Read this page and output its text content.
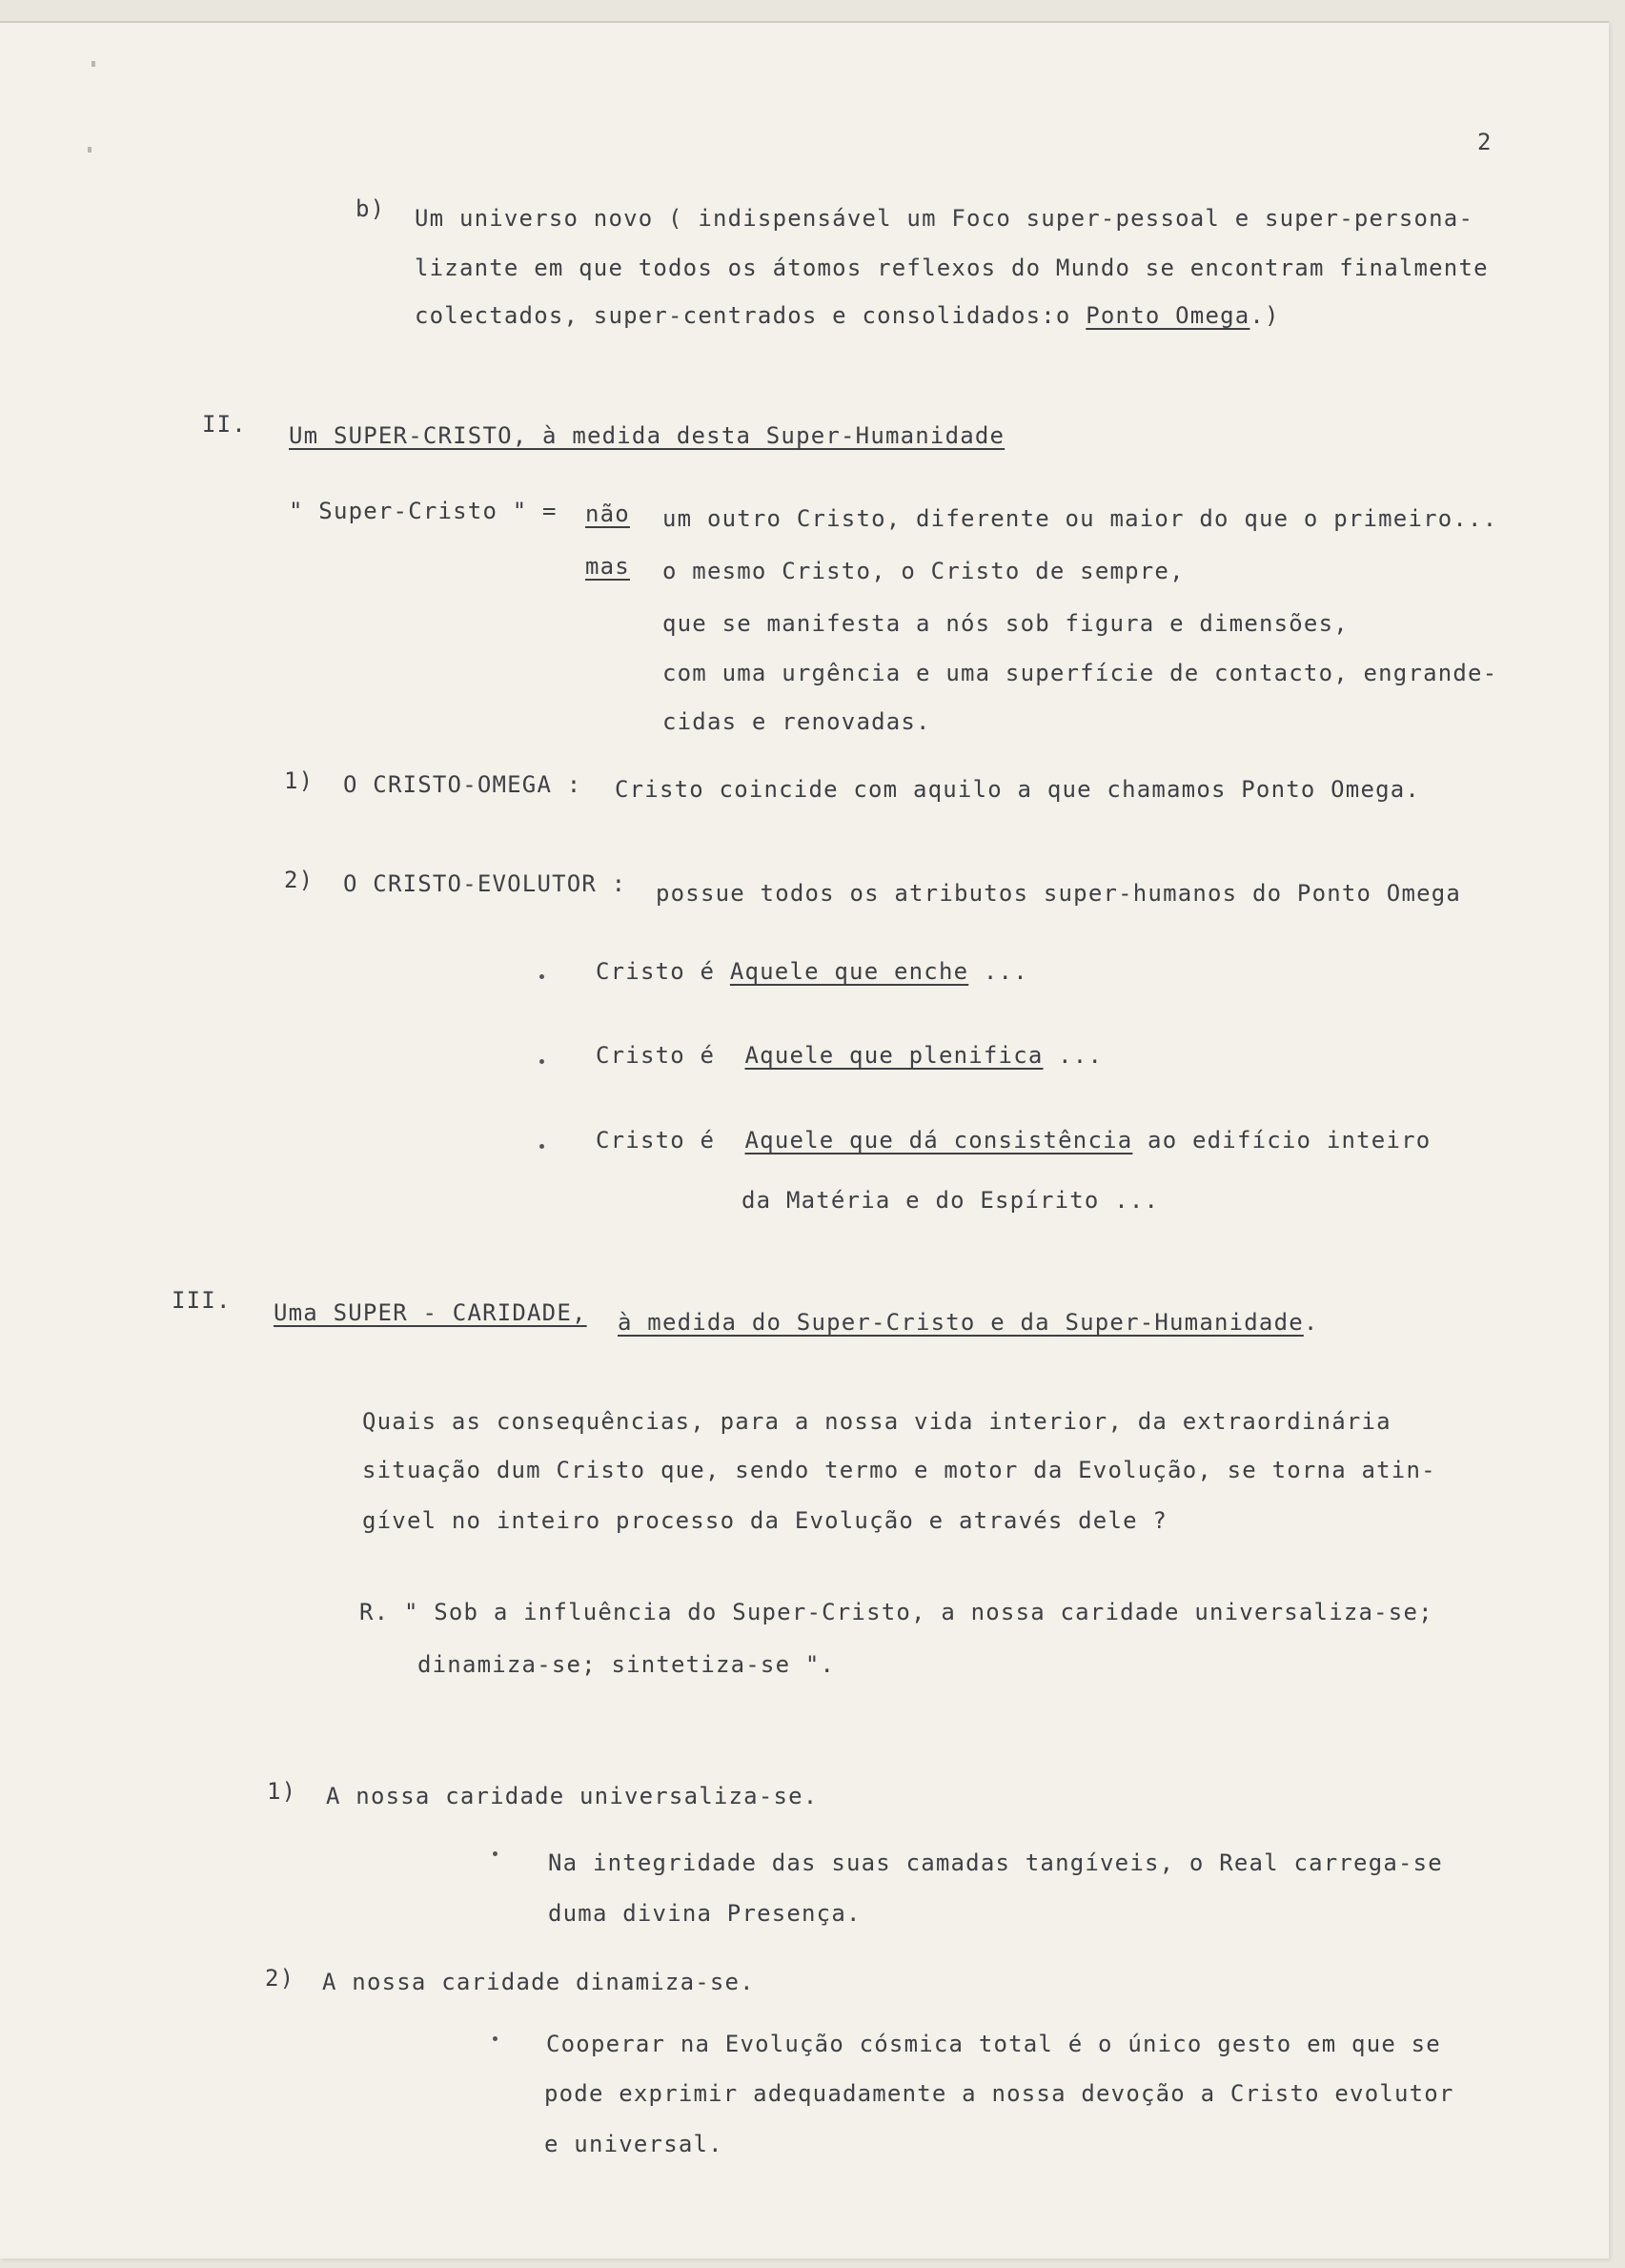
2
b) Um universo novo ( indispensável um Foco super-pessoal e super-persona-
lizante em que todos os átomos reflexos do Mundo se encontram finalmente
colectados, super-centrados e consolidados:o Ponto Omega.)
II. Um SUPER-CRISTO, à medida desta Super-Humanidade
" Super-Cristo " = não um outro Cristo, diferente ou maior do que o primeiro...
mas o mesmo Cristo, o Cristo de sempre,
que se manifesta a nós sob figura e dimensões,
com uma urgência e uma superfície de contacto, engrande-
cidas e renovadas.
1) O CRISTO-OMEGA : Cristo coincide com aquilo a que chamamos Ponto Omega.
2) O CRISTO-EVOLUTOR : possue todos os atributos super-humanos do Ponto Omega
Cristo é Aquele que enche ...
Cristo é Aquele que plenifica ...
Cristo é Aquele que dá consistência ao edifício inteiro
da Matéria e do Espírito ...
III. Uma SUPER - CARIDADE, à medida do Super-Cristo e da Super-Humanidade.
Quais as consequências, para a nossa vida interior, da extraordinária
situação dum Cristo que, sendo termo e motor da Evolução, se torna atin-
gível no inteiro processo da Evolução e através dele ?
R. " Sob a influência do Super-Cristo, a nossa caridade universaliza-se;
dinamiza-se; sintetiza-se ".
1) A nossa caridade universaliza-se.
Na integridade das suas camadas tangíveis, o Real carrega-se
duma divina Presença.
2) A nossa caridade dinamiza-se.
Cooperar na Evolução cósmica total é o único gesto em que se
pode exprimir adequadamente a nossa devoção a Cristo evolutor
e universal.
